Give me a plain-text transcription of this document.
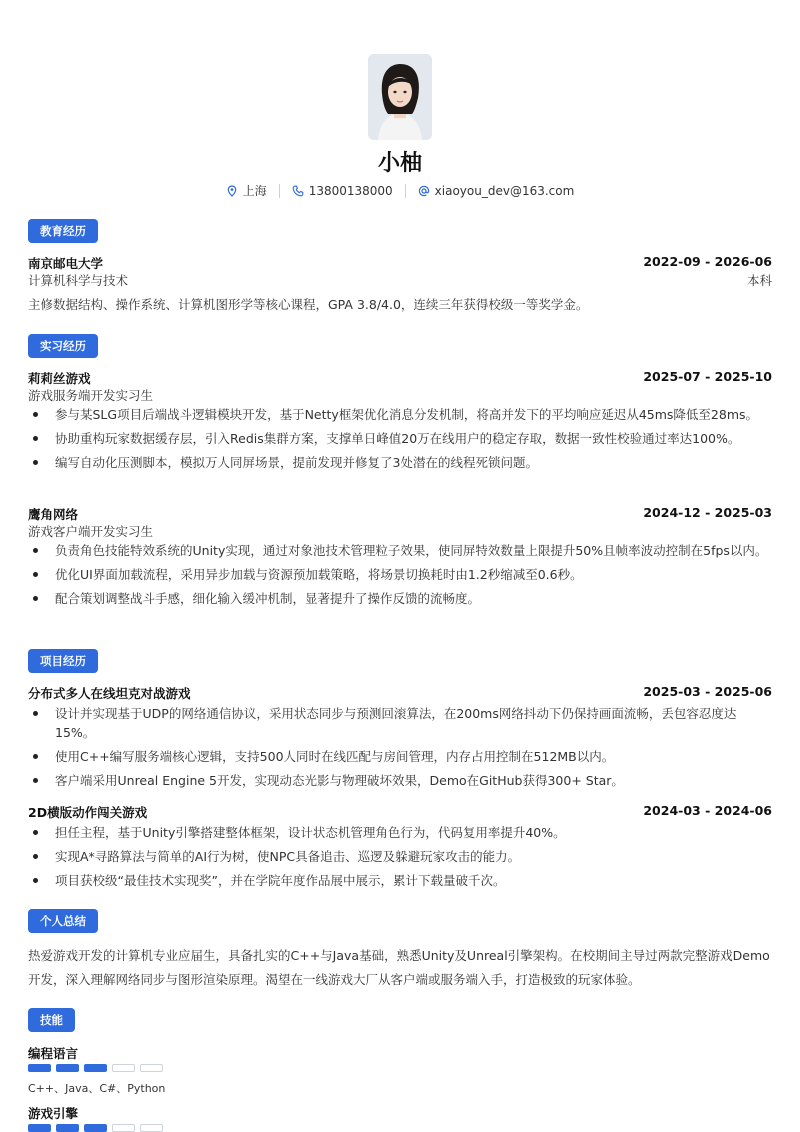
小柚
上海	13800138000	xiaoyou_dev@163.com
教育经历
南京邮电大学	2022-09 - 2026-06
计算机科学与技术	本科
主修数据结构、操作系统、计算机图形学等核心课程，GPA 3.8/4.0，连续三年获得校级一等奖学金。
实习经历
莉莉丝游戏	2025-07 - 2025-10
游戏服务端开发实习生
参与某SLG项目后端战斗逻辑模块开发，基于Netty框架优化消息分发机制，将高并发下的平均响应延迟从45ms降低至28ms。
协助重构玩家数据缓存层，引入Redis集群方案，支撑单日峰值20万在线用户的稳定存取，数据一致性校验通过率达100%。
编写自动化压测脚本，模拟万人同屏场景，提前发现并修复了3处潜在的线程死锁问题。
鹰角网络	2024-12 - 2025-03
游戏客户端开发实习生
负责角色技能特效系统的Unity实现，通过对象池技术管理粒子效果，使同屏特效数量上限提升50%且帧率波动控制在5fps以内。
优化UI界面加载流程，采用异步加载与资源预加载策略，将场景切换耗时由1.2秒缩减至0.6秒。
配合策划调整战斗手感，细化输入缓冲机制，显著提升了操作反馈的流畅度。
项目经历
分布式多人在线坦克对战游戏	2025-03 - 2025-06
设计并实现基于UDP的网络通信协议，采用状态同步与预测回滚算法，在200ms网络抖动下仍保持画面流畅，丢包容忍度达15%。
使用C++编写服务端核心逻辑，支持500人同时在线匹配与房间管理，内存占用控制在512MB以内。
客户端采用Unreal Engine 5开发，实现动态光影与物理破坏效果，Demo在GitHub获得300+ Star。
2D横版动作闯关游戏	2024-03 - 2024-06
担任主程，基于Unity引擎搭建整体框架，设计状态机管理角色行为，代码复用率提升40%。
实现A*寻路算法与简单的AI行为树，使NPC具备追击、巡逻及躲避玩家攻击的能力。
项目获校级“最佳技术实现奖”，并在学院年度作品展中展示，累计下载量破千次。
个人总结
热爱游戏开发的计算机专业应届生，具备扎实的C++与Java基础，熟悉Unity及Unreal引擎架构。在校期间主导过两款完整游戏Demo开发，深入理解网络同步与图形渲染原理。渴望在一线游戏大厂从客户端或服务端入手，打造极致的玩家体验。
技能
编程语言
C++、Java、C#、Python
游戏引擎
